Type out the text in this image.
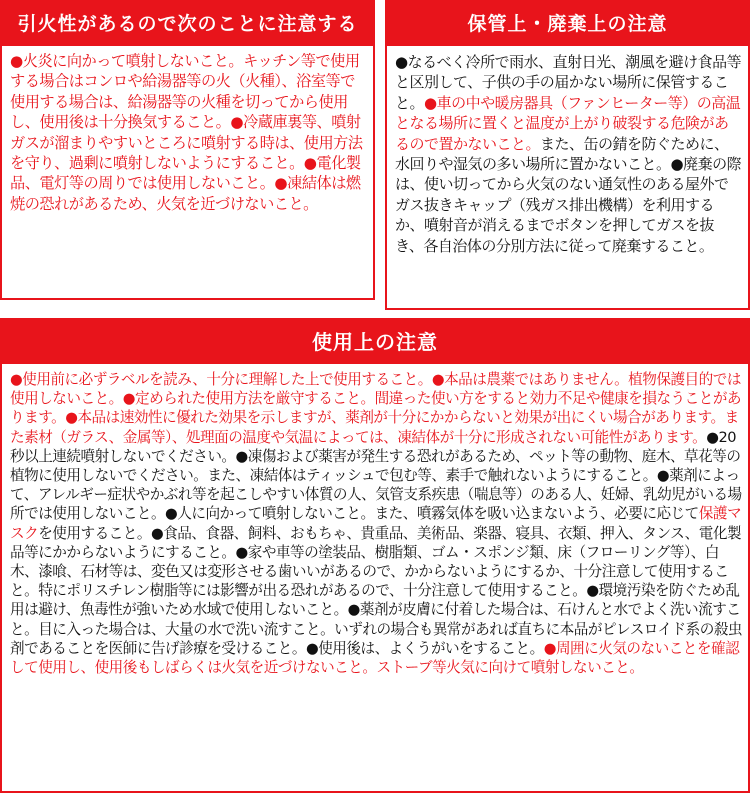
引火性があるので次のことに注意する
●火炎に向かって噴射しないこと。キッチン等で使用する場合はコンロや給湯器等の火（火種）、浴室等で使用する場合は、給湯器等の火種を切ってから使用し、使用後は十分換気すること。●冷蔵庫裏等、噴射ガスが溜まりやすいところに噴射する時は、使用方法を守り、過剰に噴射しないようにすること。●電化製品、電灯等の周りでは使用しないこと。●凍結体は燃焼の恐れがあるため、火気を近づけないこと。
保管上・廃棄上の注意
●なるべく冷所で雨水、直射日光、潮風を避け食品等と区別して、子供の手の届かない場所に保管すること。●車の中や暖房器具（ファンヒーター等）の高温となる場所に置くと温度が上がり破裂する危険があるので置かないこと。また、缶の錆を防ぐために、水回りや湿気の多い場所に置かないこと。●廃棄の際は、使い切ってから火気のない通気性のある屋外でガス抜きキャップ（残ガス排出機構）を利用するか、噴射音が消えるまでボタンを押してガスを抜き、各自治体の分別方法に従って廃棄すること。
使用上の注意
●使用前に必ずラベルを読み、十分に理解した上で使用すること。●本品は農薬ではありません。植物保護目的では使用しないこと。●定められた使用方法を厳守すること。間違った使い方をすると効力不足や健康を損なうことがあります。●本品は速効性に優れた効果を示しますが、薬剤が十分にかからないと効果が出にくい場合があります。また素材（ガラス、金属等）、処理面の温度や気温によっては、凍結体が十分に形成されない可能性があります。●20秒以上連続噴射しないでください。●凍傷および薬害が発生する恐れがあるため、ペット等の動物、庭木、草花等の植物に使用しないでください。また、凍結体はティッシュで包む等、素手で触れないようにすること。●薬剤によって、アレルギー症状やかぶれ等を起こしやすい体質の人、気管支系疾患（喘息等）のある人、妊婦、乳幼児がいる場所では使用しないこと。●人に向かって噴射しないこと。また、噴霧気体を吸い込まないよう、必要に応じて保護マスクを使用すること。●食品、食器、飼料、おもちゃ、貴重品、美術品、楽器、寝具、衣類、押入、タンス、電化製品等にかからないようにすること。●家や車等の塗装品、樹脂類、ゴム・スポンジ類、床（フローリング等）、白木、漆喰、石材等は、変色又は変形させる歯いいがあるので、かからないようにするか、十分注意して使用すること。特にポリスチレン樹脂等には影響が出る恐れがあるので、十分注意して使用すること。●環境汚染を防ぐため乱用は避け、魚毒性が強いため水域で使用しないこと。●薬剤が皮膚に付着した場合は、石けんと水でよく洗い流すこと。目に入った場合は、大量の水で洗い流すこと。いずれの場合も異常があれば直ちに本品がピレスロイド系の殺虫剤であることを医師に告げ診療を受けること。●使用後は、よくうがいをすること。●周囲に火気のないことを確認して使用し、使用後もしばらくは火気を近づけないこと。ストーブ等火気に向けて噴射しないこと。
